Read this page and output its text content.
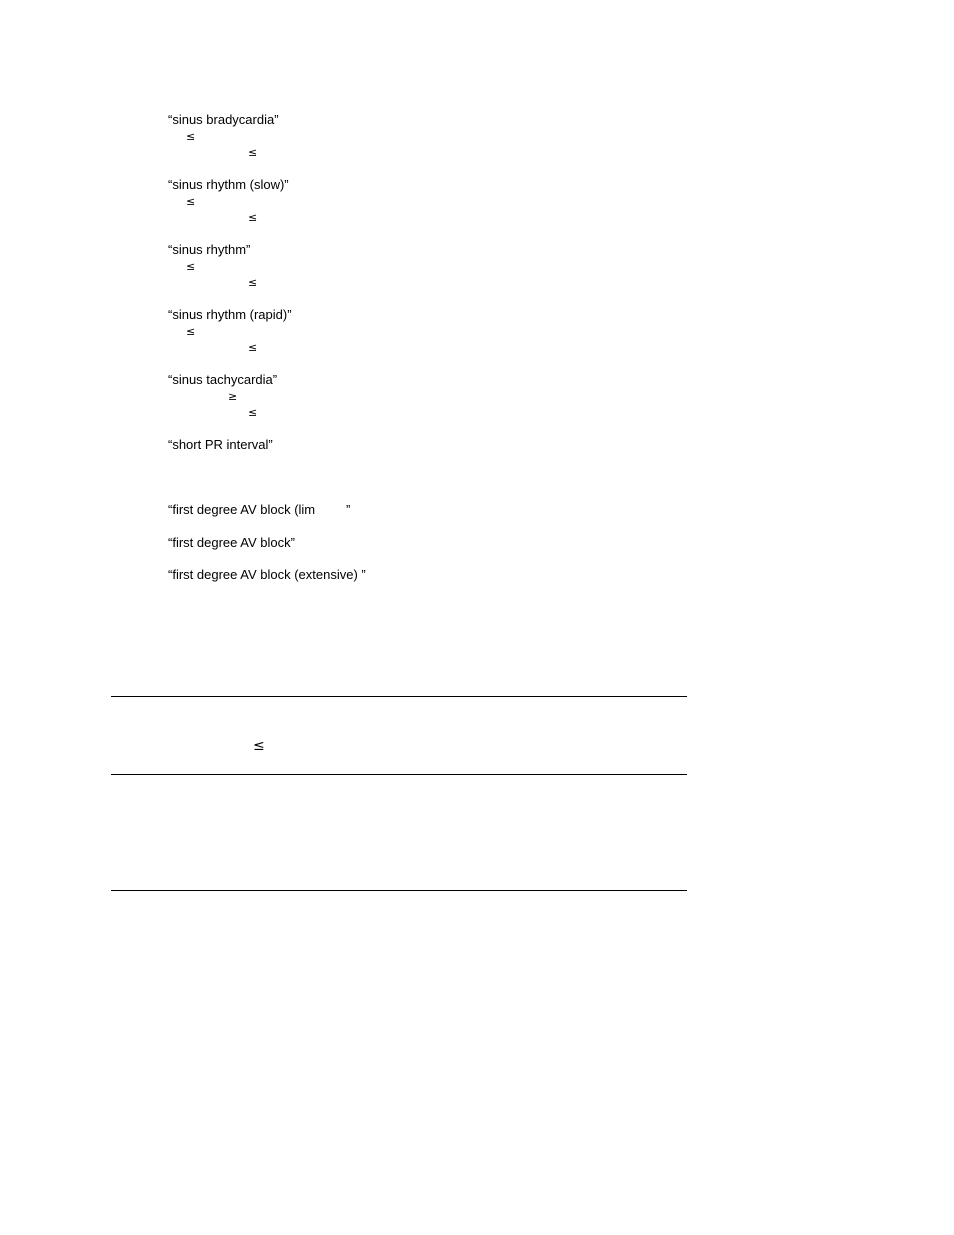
“sinus bradycardia”
≤
≤
“sinus rhythm (slow)”
≤
≤
“sinus rhythm”
≤
≤
“sinus rhythm (rapid)”
≤
≤
“sinus tachycardia”
≥
≤
“short PR interval”
“first degree AV block (lim ”
“first degree AV block”
“first degree AV block (extensive) ”
≤
